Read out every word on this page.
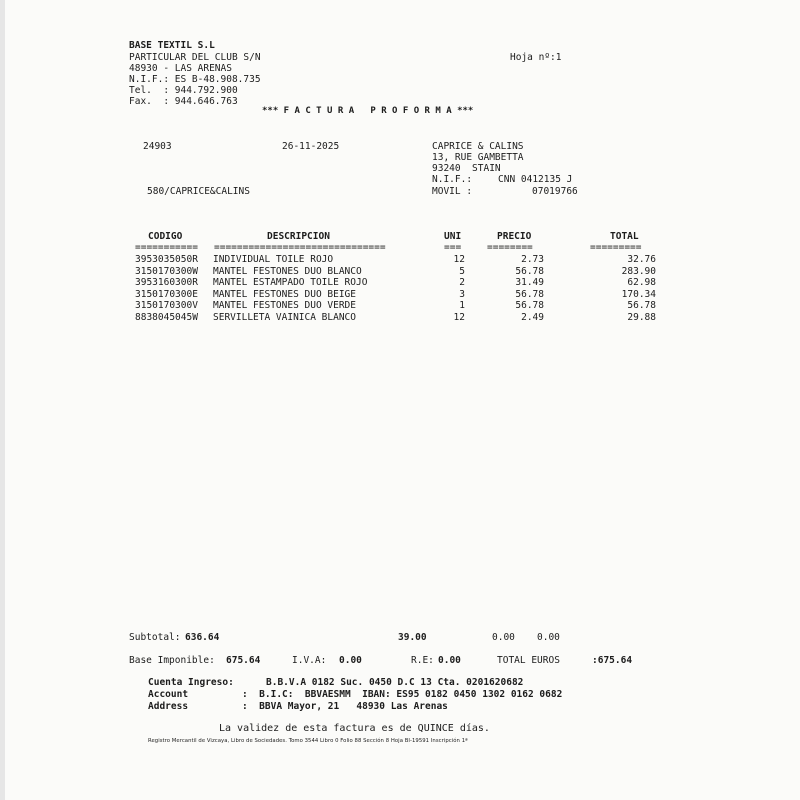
BASE TEXTIL S.L
PARTICULAR DEL CLUB S/N
48930 - LAS ARENAS
N.I.F.: ES B-48.908.735
Tel.  : 944.792.900
Fax.  : 944.646.763
Hoja nº:1
*** F A C T U R A   P R O F O R M A ***
24903	26-11-2025
580/CAPRICE&CALINS
CAPRICE & CALINS
13, RUE GAMBETTA
93240  STAIN
N.I.F.:	CNN 0412135 J
MOVIL :	07019766
CODIGO	DESCRIPCION	UNI	PRECIO	TOTAL
=========== ==============================	===	========	=========
3953035050R INDIVIDUAL TOILE ROJO	12	2.73	32.76
3150170300W MANTEL FESTONES DUO BLANCO	5	56.78	283.90
3953160300R MANTEL ESTAMPADO TOILE ROJO	2	31.49	62.98
3150170300E MANTEL FESTONES DUO BEIGE	3	56.78	170.34
3150170300V MANTEL FESTONES DUO VERDE	1	56.78	56.78
8838045045W SERVILLETA VAINICA BLANCO	12	2.49	29.88
Subtotal: 636.64	39.00	0.00 0.00
Base Imponible: 675.64	I.V.A: 0.00	R.E: 0.00	TOTAL EUROS	:675.64
Cuenta Ingreso:	B.B.V.A 0182 Suc. 0450 D.C 13 Cta. 0201620682
Account	:  B.I.C:  BBVAESMM  IBAN: ES95 0182 0450 1302 0162 0682
Address	:  BBVA Mayor, 21   48930 Las Arenas
La validez de esta factura es de QUINCE días.
Registro Mercantil de Vizcaya, Libro de Sociedades. Tomo 3544 Libro 0 Folio 88 Sección 8 Hoja BI-19591 Inscripción 1ª
